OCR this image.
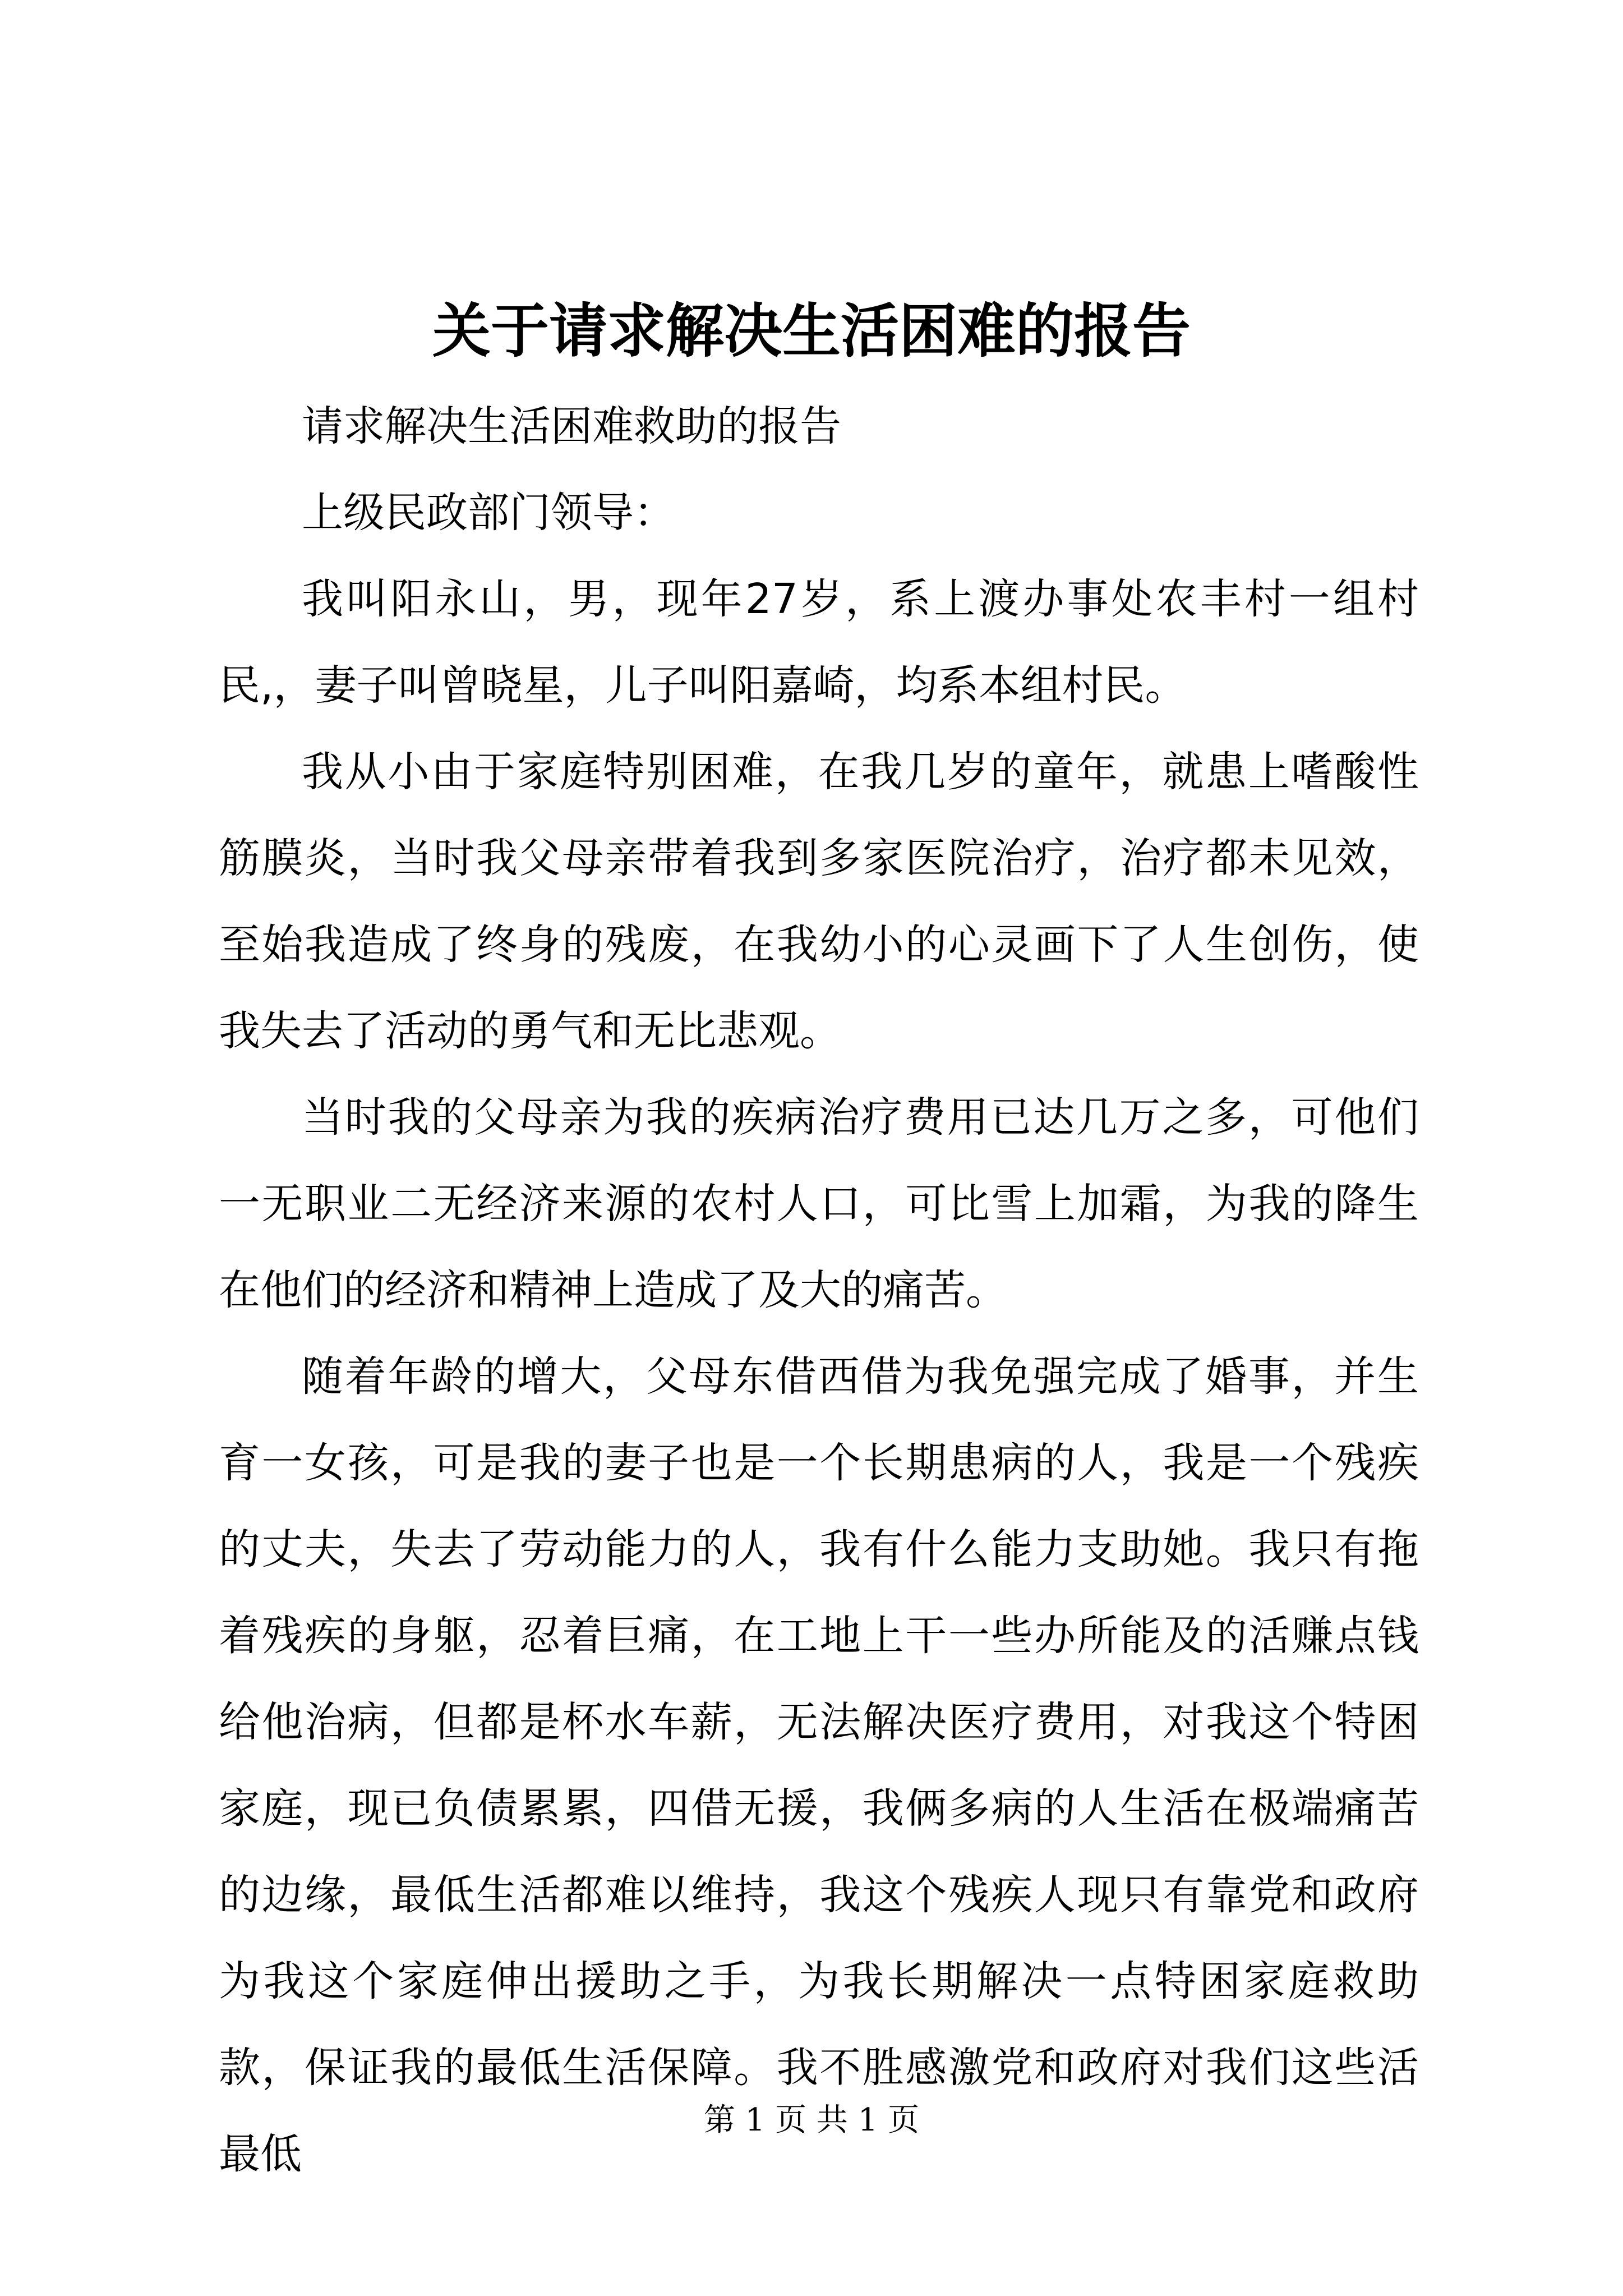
关于请求解决生活困难的报告

请求解决生活困难救助的报告

上级民政部门领导：

我叫阳永山，男，现年27岁，系上渡办事处农丰村一组村民,，妻子叫曾晓星，儿子叫阳嘉崎，均系本组村民。

我从小由于家庭特别困难，在我几岁的童年，就患上嗜酸性筋膜炎，当时我父母亲带着我到多家医院治疗，治疗都未见效，至始我造成了终身的残废，在我幼小的心灵画下了人生创伤，使我失去了活动的勇气和无比悲观。

当时我的父母亲为我的疾病治疗费用已达几万之多，可他们一无职业二无经济来源的农村人口，可比雪上加霜，为我的降生在他们的经济和精神上造成了及大的痛苦。

随着年龄的增大，父母东借西借为我免强完成了婚事，并生育一女孩，可是我的妻子也是一个长期患病的人，我是一个残疾的丈夫，失去了劳动能力的人，我有什么能力支助她。我只有拖着残疾的身躯，忍着巨痛，在工地上干一些办所能及的活赚点钱给他治病，但都是杯水车薪，无法解决医疗费用，对我这个特困家庭，现已负债累累，四借无援，我俩多病的人生活在极端痛苦的边缘，最低生活都难以维持，我这个残疾人现只有靠党和政府为我这个家庭伸出援助之手，为我长期解决一点特困家庭救助款，保证我的最低生活保障。我不胜感激党和政府对我们这些活最低

第 1 页 共 1 页
